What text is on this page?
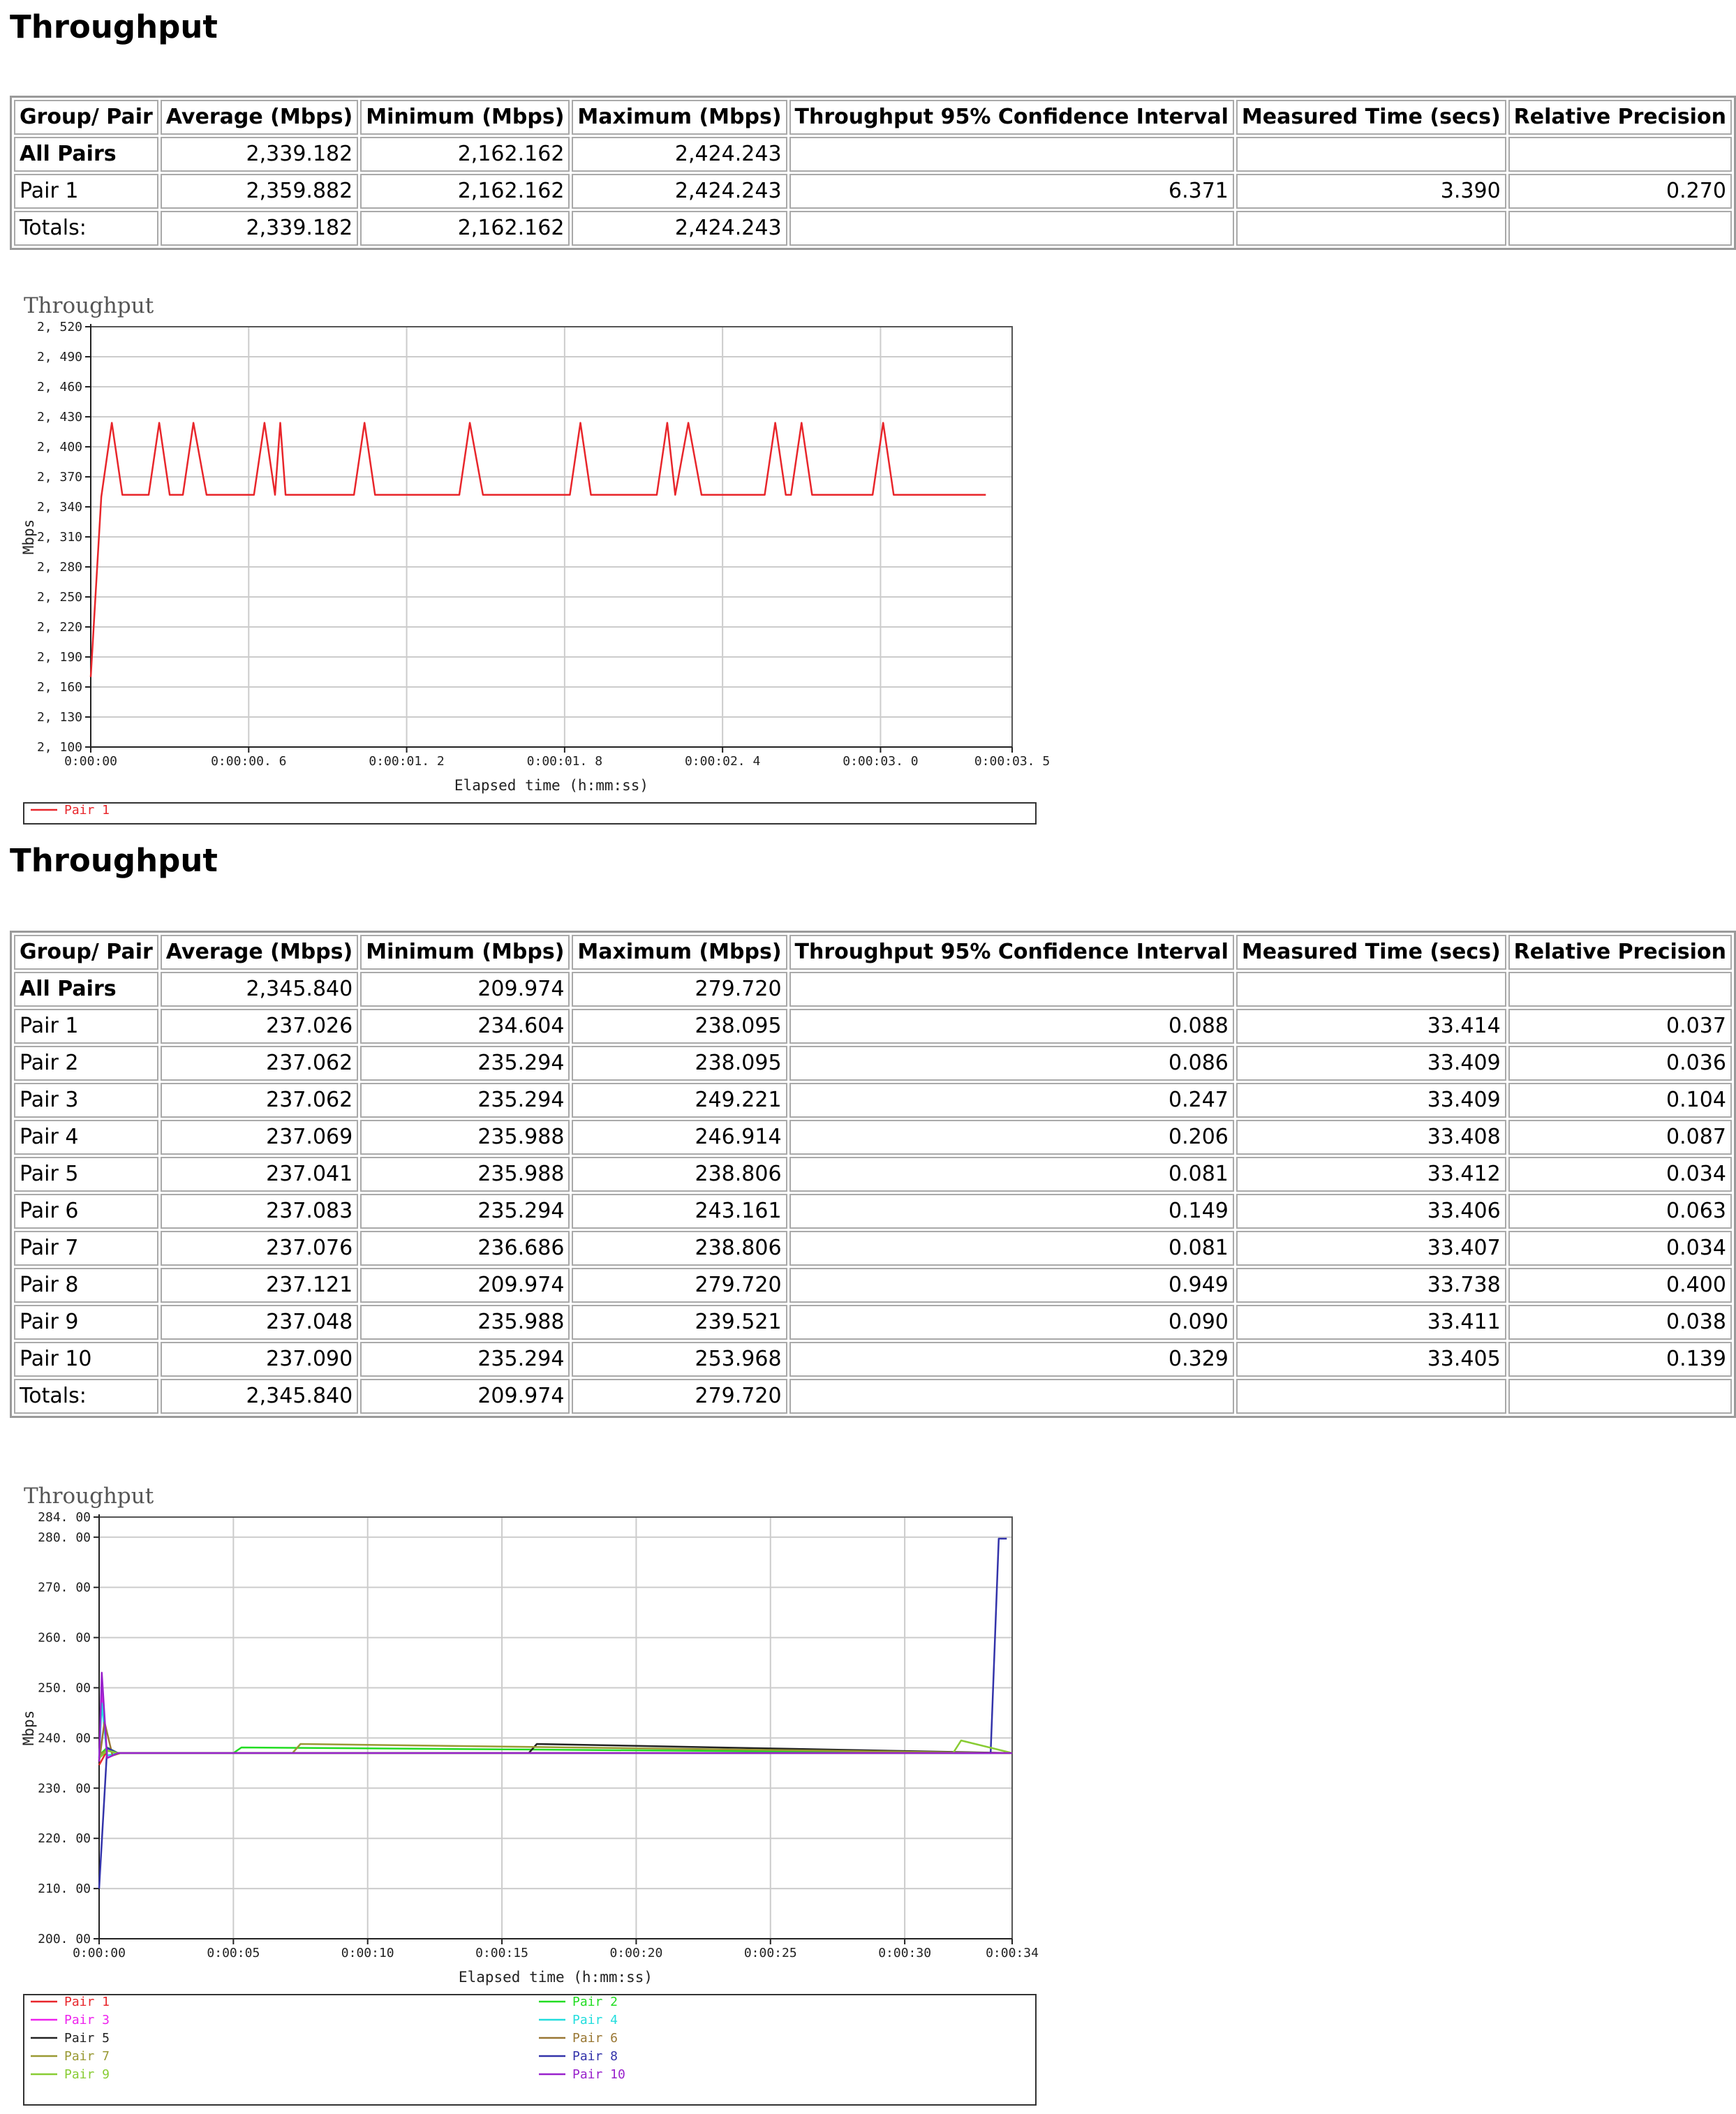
Throughput
Group/ Pair	Average (Mbps)	Minimum (Mbps)	Maximum (Mbps)	Throughput 95% Confidence Interval	Measured Time (secs)	Relative Precision
All Pairs	2,339.182	2,162.162	2,424.243			
Pair 1	2,359.882	2,162.162	2,424.243	6.371	3.390	0.270
Totals:	2,339.182	2,162.162	2,424.243			
Throughput
2, 100
2, 130
2, 160
2, 190
2, 220
2, 250
2, 280
2, 310
2, 340
2, 370
2, 400
2, 430
2, 460
2, 490
2, 520
0:00:00	0:00:00. 6	0:00:01. 2	0:00:01. 8	0:00:02. 4	0:00:03. 0	0:00:03. 5
Elapsed time (h:mm:ss)
Mbps
Pair 1
Throughput
Group/ Pair	Average (Mbps)	Minimum (Mbps)	Maximum (Mbps)	Throughput 95% Confidence Interval	Measured Time (secs)	Relative Precision
All Pairs	2,345.840	209.974	279.720			
Pair 1	237.026	234.604	238.095	0.088	33.414	0.037
Pair 2	237.062	235.294	238.095	0.086	33.409	0.036
Pair 3	237.062	235.294	249.221	0.247	33.409	0.104
Pair 4	237.069	235.988	246.914	0.206	33.408	0.087
Pair 5	237.041	235.988	238.806	0.081	33.412	0.034
Pair 6	237.083	235.294	243.161	0.149	33.406	0.063
Pair 7	237.076	236.686	238.806	0.081	33.407	0.034
Pair 8	237.121	209.974	279.720	0.949	33.738	0.400
Pair 9	237.048	235.988	239.521	0.090	33.411	0.038
Pair 10	237.090	235.294	253.968	0.329	33.405	0.139
Totals:	2,345.840	209.974	279.720			
Throughput
200. 00
210. 00
220. 00
230. 00
240. 00
250. 00
260. 00
270. 00
280. 00
284. 00
0:00:00	0:00:05	0:00:10	0:00:15	0:00:20	0:00:25	0:00:30	0:00:34
Elapsed time (h:mm:ss)
Mbps
Pair 1	Pair 2
Pair 3	Pair 4
Pair 5	Pair 6
Pair 7	Pair 8
Pair 9	Pair 10
